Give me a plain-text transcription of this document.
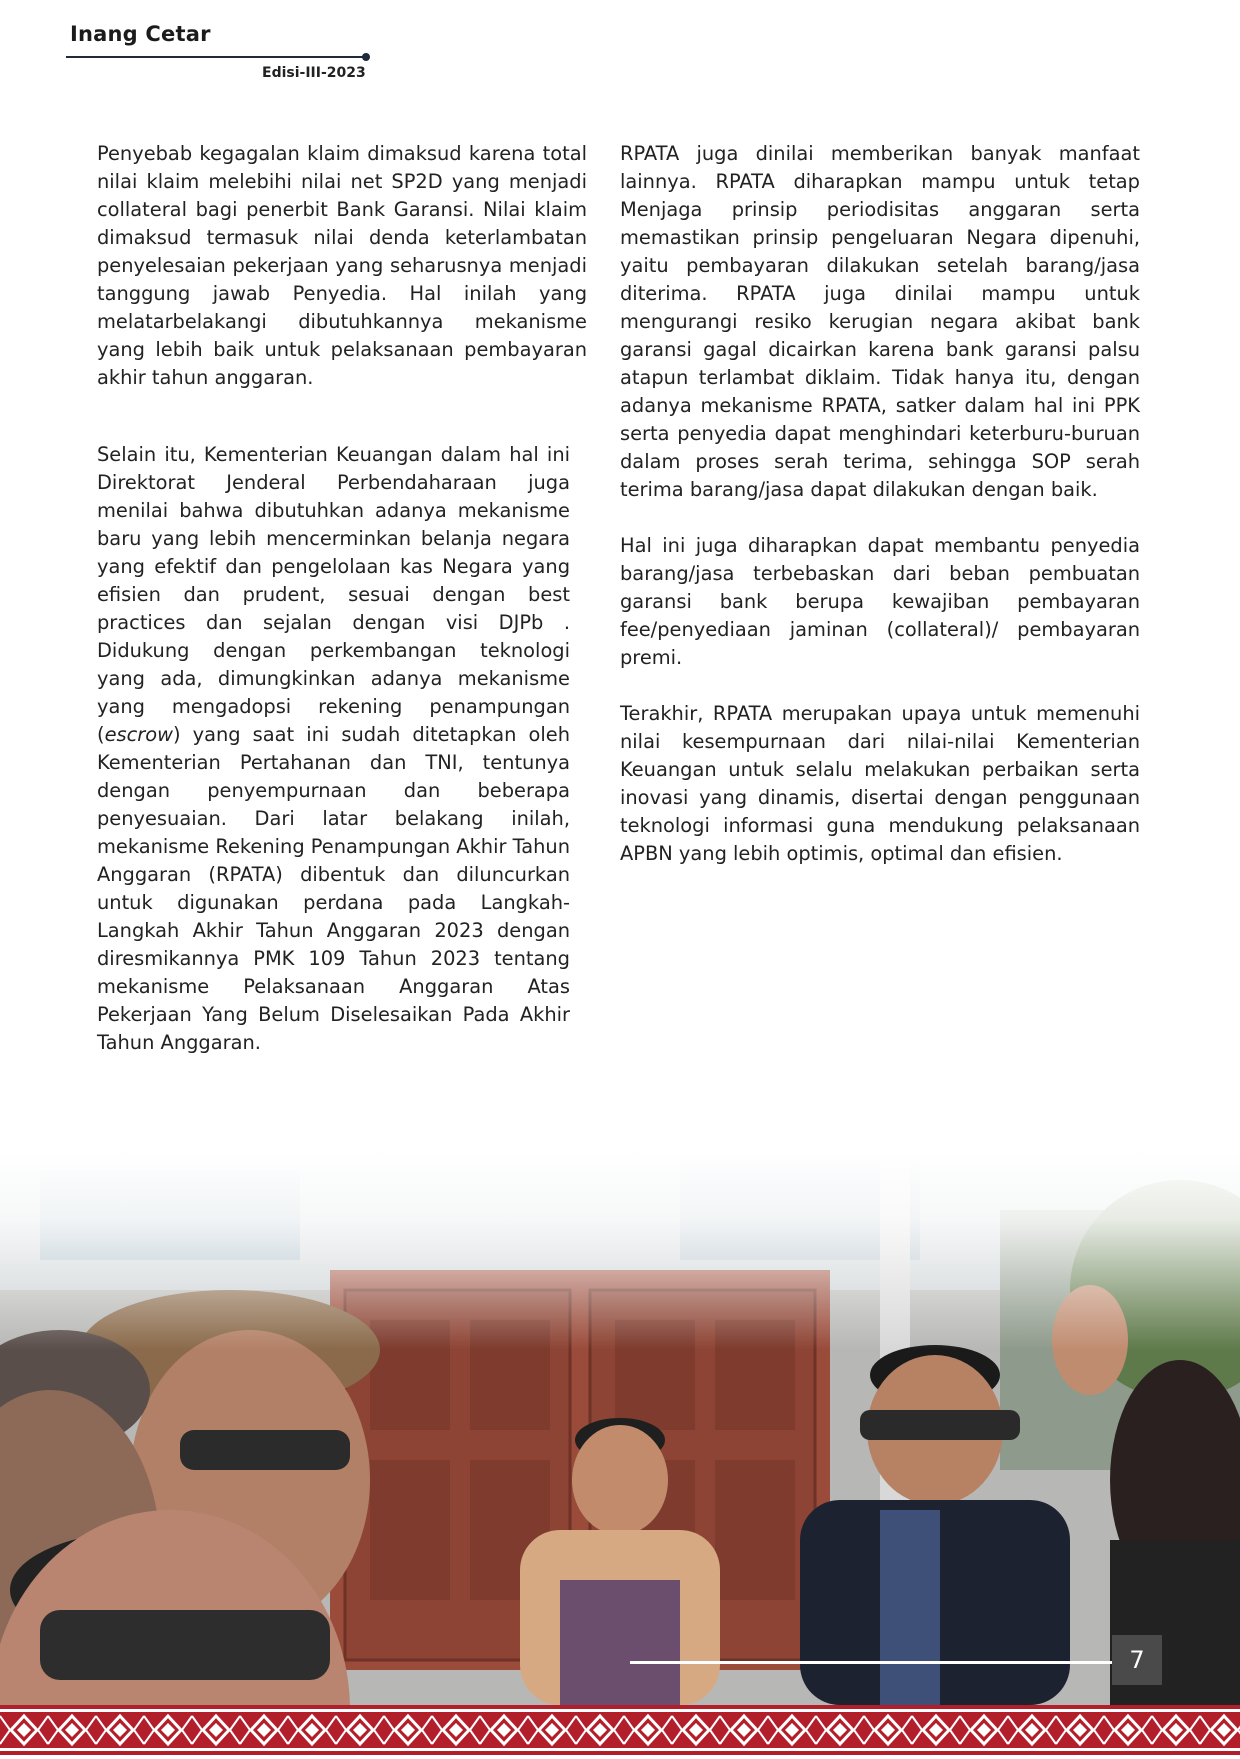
Inang Cetar
Edisi-III-2023

Penyebab kegagalan klaim dimaksud karena total nilai klaim melebihi nilai net SP2D yang menjadi collateral bagi penerbit Bank Garansi. Nilai klaim dimaksud termasuk nilai denda keterlambatan penyelesaian pekerjaan yang seharusnya menjadi tanggung jawab Penyedia. Hal inilah yang melatarbelakangi dibutuhkannya mekanisme yang lebih baik untuk pelaksanaan pembayaran akhir tahun anggaran.

Selain itu, Kementerian Keuangan dalam hal ini Direktorat Jenderal Perbendaharaan juga menilai bahwa dibutuhkan adanya mekanisme baru yang lebih mencerminkan belanja negara yang efektif dan pengelolaan kas Negara yang efisien dan prudent, sesuai dengan best practices dan sejalan dengan visi DJPb . Didukung dengan perkembangan teknologi yang ada, dimungkinkan adanya mekanisme yang mengadopsi rekening penampungan (escrow) yang saat ini sudah ditetapkan oleh Kementerian Pertahanan dan TNI, tentunya dengan penyempurnaan dan beberapa penyesuaian. Dari latar belakang inilah, mekanisme Rekening Penampungan Akhir Tahun Anggaran (RPATA) dibentuk dan diluncurkan untuk digunakan perdana pada Langkah-Langkah Akhir Tahun Anggaran 2023 dengan diresmikannya PMK 109 Tahun 2023 tentang mekanisme Pelaksanaan Anggaran Atas Pekerjaan Yang Belum Diselesaikan Pada Akhir Tahun Anggaran.

RPATA juga dinilai memberikan banyak manfaat lainnya. RPATA diharapkan mampu untuk tetap Menjaga prinsip periodisitas anggaran serta memastikan prinsip pengeluaran Negara dipenuhi, yaitu pembayaran dilakukan setelah barang/jasa diterima. RPATA juga dinilai mampu untuk mengurangi resiko kerugian negara akibat bank garansi gagal dicairkan karena bank garansi palsu atapun terlambat diklaim. Tidak hanya itu, dengan adanya mekanisme RPATA, satker dalam hal ini PPK serta penyedia dapat menghindari keterburu-buruan dalam proses serah terima, sehingga SOP serah terima barang/jasa dapat dilakukan dengan baik.

Hal ini juga diharapkan dapat membantu penyedia barang/jasa terbebaskan dari beban pembuatan garansi bank berupa kewajiban pembayaran fee/penyediaan jaminan (collateral)/ pembayaran premi.

Terakhir, RPATA merupakan upaya untuk memenuhi nilai kesempurnaan dari nilai-nilai Kementerian Keuangan untuk selalu melakukan perbaikan serta inovasi yang dinamis, disertai dengan penggunaan teknologi informasi guna mendukung pelaksanaan APBN yang lebih optimis, optimal dan efisien.

7
